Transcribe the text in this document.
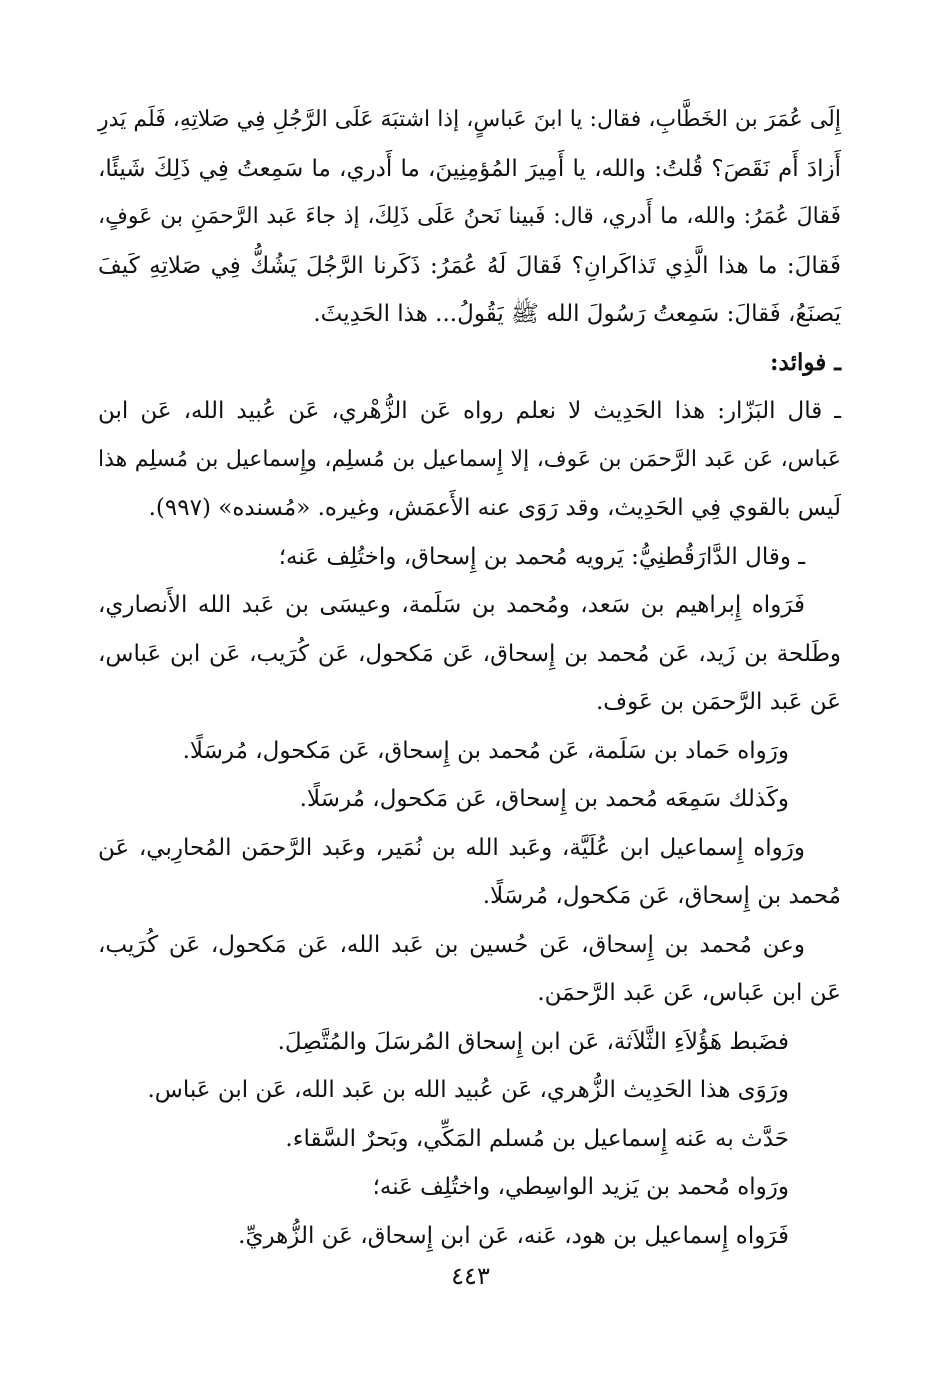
إِلَى عُمَرَ بن الخَطَّابِ، فقال: يا ابنَ عَباسٍ، إذا اشتبَهَ عَلَى الرَّجُلِ فِي صَلاتِهِ، فَلَم يَدرِ
أَزادَ أَم نَقَصَ؟ قُلتُ: والله، يا أَمِيرَ المُؤمِنِينَ، ما أَدري، ما سَمِعتُ فِي ذَلِكَ شَيئًا،
فَقالَ عُمَرُ: والله، ما أَدري، قال: فَبينا نَحنُ عَلَى ذَلِكَ، إذ جاءَ عَبد الرَّحمَنِ بن عَوفٍ،
فَقالَ: ما هذا الَّذِي تَذاكَرانِ؟ فَقالَ لَهُ عُمَرُ: ذَكَرنا الرَّجُلَ يَشُكُّ فِي صَلاتِهِ كَيفَ
يَصنَعُ، فَقالَ: سَمِعتُ رَسُولَ الله ﷺ يَقُولُ... هذا الحَدِيثَ.
ـ فوائد:
ـ قال البَزّار: هذا الحَدِيث لا نعلم رواه عَن الزُّهْري، عَن عُبيد الله، عَن ابن
عَباس، عَن عَبد الرَّحمَن بن عَوف، إلا إِسماعيل بن مُسلِم، وإِسماعيل بن مُسلِم هذا
لَيس بالقوي فِي الحَدِيث، وقد رَوَى عنه الأَعمَش، وغيره. «مُسنده» (٩٩٧).
ـ وقال الدَّارَقُطنِيُّ: يَرويه مُحمد بن إِسحاق، واختُلِف عَنه؛
فَرَواه إِبراهيم بن سَعد، ومُحمد بن سَلَمة، وعيسَى بن عَبد الله الأَنصاري،
وطَلحة بن زَيد، عَن مُحمد بن إِسحاق، عَن مَكحول، عَن كُرَيب، عَن ابن عَباس،
عَن عَبد الرَّحمَن بن عَوف.
ورَواه حَماد بن سَلَمة، عَن مُحمد بن إِسحاق، عَن مَكحول، مُرسَلًا.
وكَذلك سَمِعَه مُحمد بن إِسحاق، عَن مَكحول، مُرسَلًا.
ورَواه إِسماعيل ابن عُلَيَّة، وعَبد الله بن نُمَير، وعَبد الرَّحمَن المُحارِبي، عَن
مُحمد بن إِسحاق، عَن مَكحول، مُرسَلًا.
وعن مُحمد بن إِسحاق، عَن حُسين بن عَبد الله، عَن مَكحول، عَن كُرَيب،
عَن ابن عَباس، عَن عَبد الرَّحمَن.
فضَبط هَؤُلاَءِ الثَّلاَثة، عَن ابن إِسحاق المُرسَلَ والمُتَّصِلَ.
ورَوَى هذا الحَدِيث الزُّهري، عَن عُبيد الله بن عَبد الله، عَن ابن عَباس.
حَدَّث به عَنه إِسماعيل بن مُسلم المَكِّي، وبَحرٌ السَّقاء.
ورَواه مُحمد بن يَزيد الواسِطي، واختُلِف عَنه؛
فَرَواه إِسماعيل بن هود، عَنه، عَن ابن إِسحاق، عَن الزُّهريِّ.
٤٤٣
